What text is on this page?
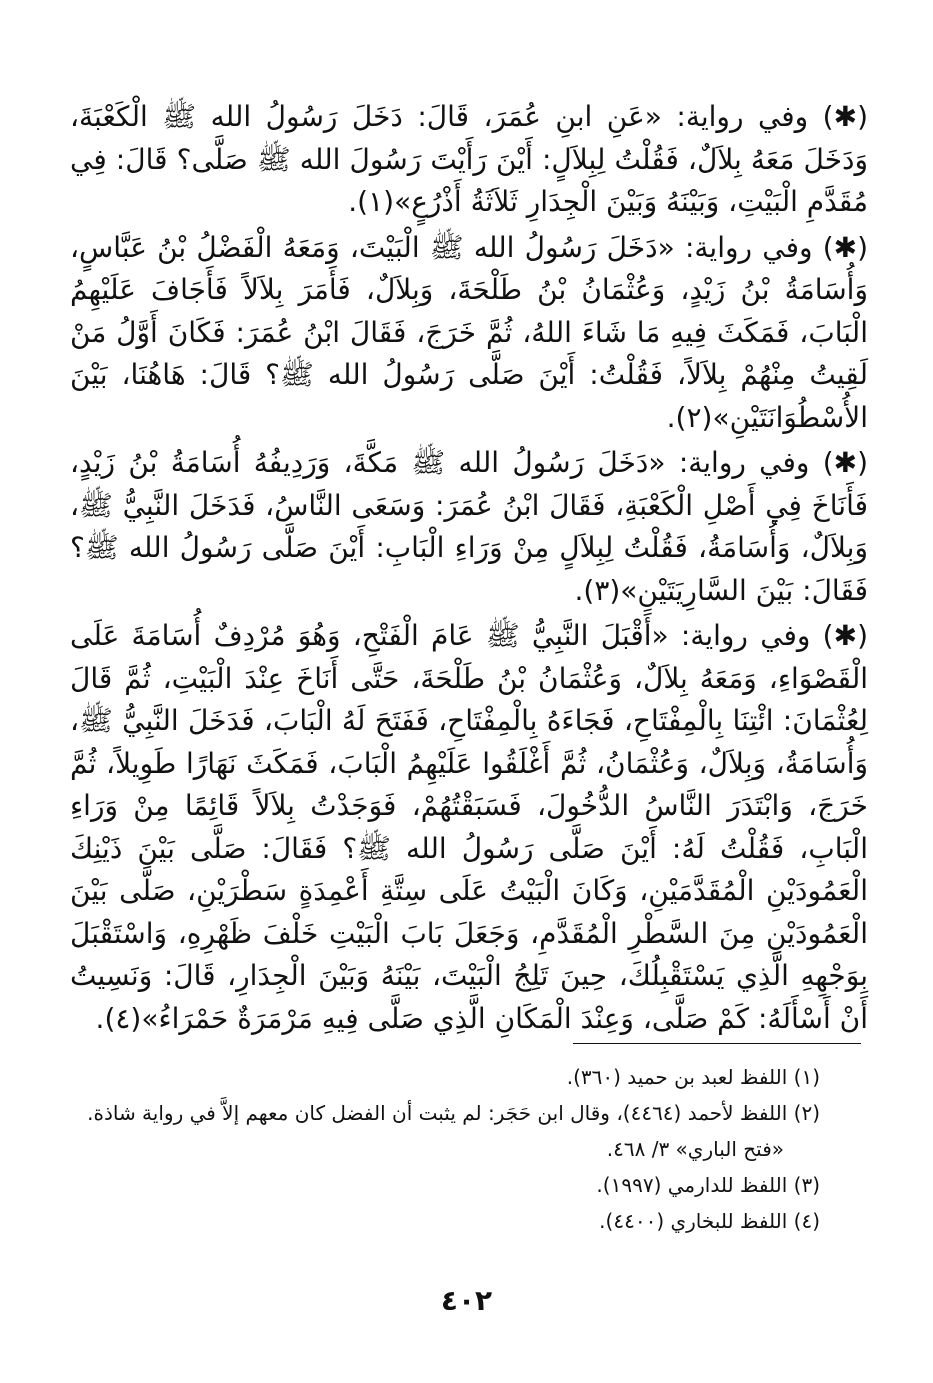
(✱) وفي رواية: «عَنِ ابنِ عُمَرَ، قَالَ: دَخَلَ رَسُولُ الله ﷺ الْكَعْبَةَ، وَدَخَلَ مَعَهُ بِلاَلٌ، فَقُلْتُ لِبِلاَلٍ: أَيْنَ رَأَيْتَ رَسُولَ الله ﷺ صَلَّى؟ قَالَ: فِي مُقَدَّمِ الْبَيْتِ، وَبَيْنَهُ وَبَيْنَ الْجِدَارِ ثَلاَثَةُ أَذْرُعٍ»(١).

(✱) وفي رواية: «دَخَلَ رَسُولُ الله ﷺ الْبَيْتَ، وَمَعَهُ الْفَضْلُ بْنُ عَبَّاسٍ، وَأُسَامَةُ بْنُ زَيْدٍ، وَعُثْمَانُ بْنُ طَلْحَةَ، وَبِلاَلٌ، فَأَمَرَ بِلاَلاً فَأَجَافَ عَلَيْهِمُ الْبَابَ، فَمَكَثَ فِيهِ مَا شَاءَ اللهُ، ثُمَّ خَرَجَ، فَقَالَ ابْنُ عُمَرَ: فَكَانَ أَوَّلُ مَنْ لَقِيتُ مِنْهُمْ بِلاَلاً، فَقُلْتُ: أَيْنَ صَلَّى رَسُولُ الله ﷺ؟ قَالَ: هَاهُنَا، بَيْنَ الأُسْطُوَانَتَيْنِ»(٢).

(✱) وفي رواية: «دَخَلَ رَسُولُ الله ﷺ مَكَّةَ، وَرَدِيفُهُ أُسَامَةُ بْنُ زَيْدٍ، فَأَنَاخَ فِي أَصْلِ الْكَعْبَةِ، فَقَالَ ابْنُ عُمَرَ: وَسَعَى النَّاسُ، فَدَخَلَ النَّبِيُّ ﷺ، وَبِلاَلٌ، وَأُسَامَةُ، فَقُلْتُ لِبِلاَلٍ مِنْ وَرَاءِ الْبَابِ: أَيْنَ صَلَّى رَسُولُ الله ﷺ؟ فَقَالَ: بَيْنَ السَّارِيَتَيْنِ»(٣).

(✱) وفي رواية: «أَقْبَلَ النَّبِيُّ ﷺ عَامَ الْفَتْحِ، وَهُوَ مُرْدِفٌ أُسَامَةَ عَلَى الْقَصْوَاءِ، وَمَعَهُ بِلاَلٌ، وَعُثْمَانُ بْنُ طَلْحَةَ، حَتَّى أَنَاخَ عِنْدَ الْبَيْتِ، ثُمَّ قَالَ لِعُثْمَانَ: ائْتِنَا بِالْمِفْتَاحِ، فَجَاءَهُ بِالْمِفْتَاحِ، فَفَتَحَ لَهُ الْبَابَ، فَدَخَلَ النَّبِيُّ ﷺ، وَأُسَامَةُ، وَبِلاَلٌ، وَعُثْمَانُ، ثُمَّ أَغْلَقُوا عَلَيْهِمُ الْبَابَ، فَمَكَثَ نَهَارًا طَوِيلاً، ثُمَّ خَرَجَ، وَابْتَدَرَ النَّاسُ الدُّخُولَ، فَسَبَقْتُهُمْ، فَوَجَدْتُ بِلاَلاً قَائِمًا مِنْ وَرَاءِ الْبَابِ، فَقُلْتُ لَهُ: أَيْنَ صَلَّى رَسُولُ الله ﷺ؟ فَقَالَ: صَلَّى بَيْنَ ذَيْنِكَ الْعَمُودَيْنِ الْمُقَدَّمَيْنِ، وَكَانَ الْبَيْتُ عَلَى سِتَّةِ أَعْمِدَةٍ سَطْرَيْنِ، صَلَّى بَيْنَ الْعَمُودَيْنِ مِنَ السَّطْرِ الْمُقَدَّمِ، وَجَعَلَ بَابَ الْبَيْتِ خَلْفَ ظَهْرِهِ، وَاسْتَقْبَلَ بِوَجْهِهِ الَّذِي يَسْتَقْبِلُكَ، حِينَ تَلِجُ الْبَيْتَ، بَيْنَهُ وَبَيْنَ الْجِدَارِ، قَالَ: وَنَسِيتُ أَنْ أَسْأَلَهُ: كَمْ صَلَّى، وَعِنْدَ الْمَكَانِ الَّذِي صَلَّى فِيهِ مَرْمَرَةٌ حَمْرَاءُ»(٤).

(١) اللفظ لعبد بن حميد (٣٦٠).

(٢) اللفظ لأحمد (٤٤٦٤)، وقال ابن حَجَر: لم يثبت أن الفضل كان معهم إلاَّ في رواية شاذة.

«فتح الباري» ٣/ ٤٦٨.

(٣) اللفظ للدارمي (١٩٩٧).

(٤) اللفظ للبخاري (٤٤٠٠).

٤٠٢
